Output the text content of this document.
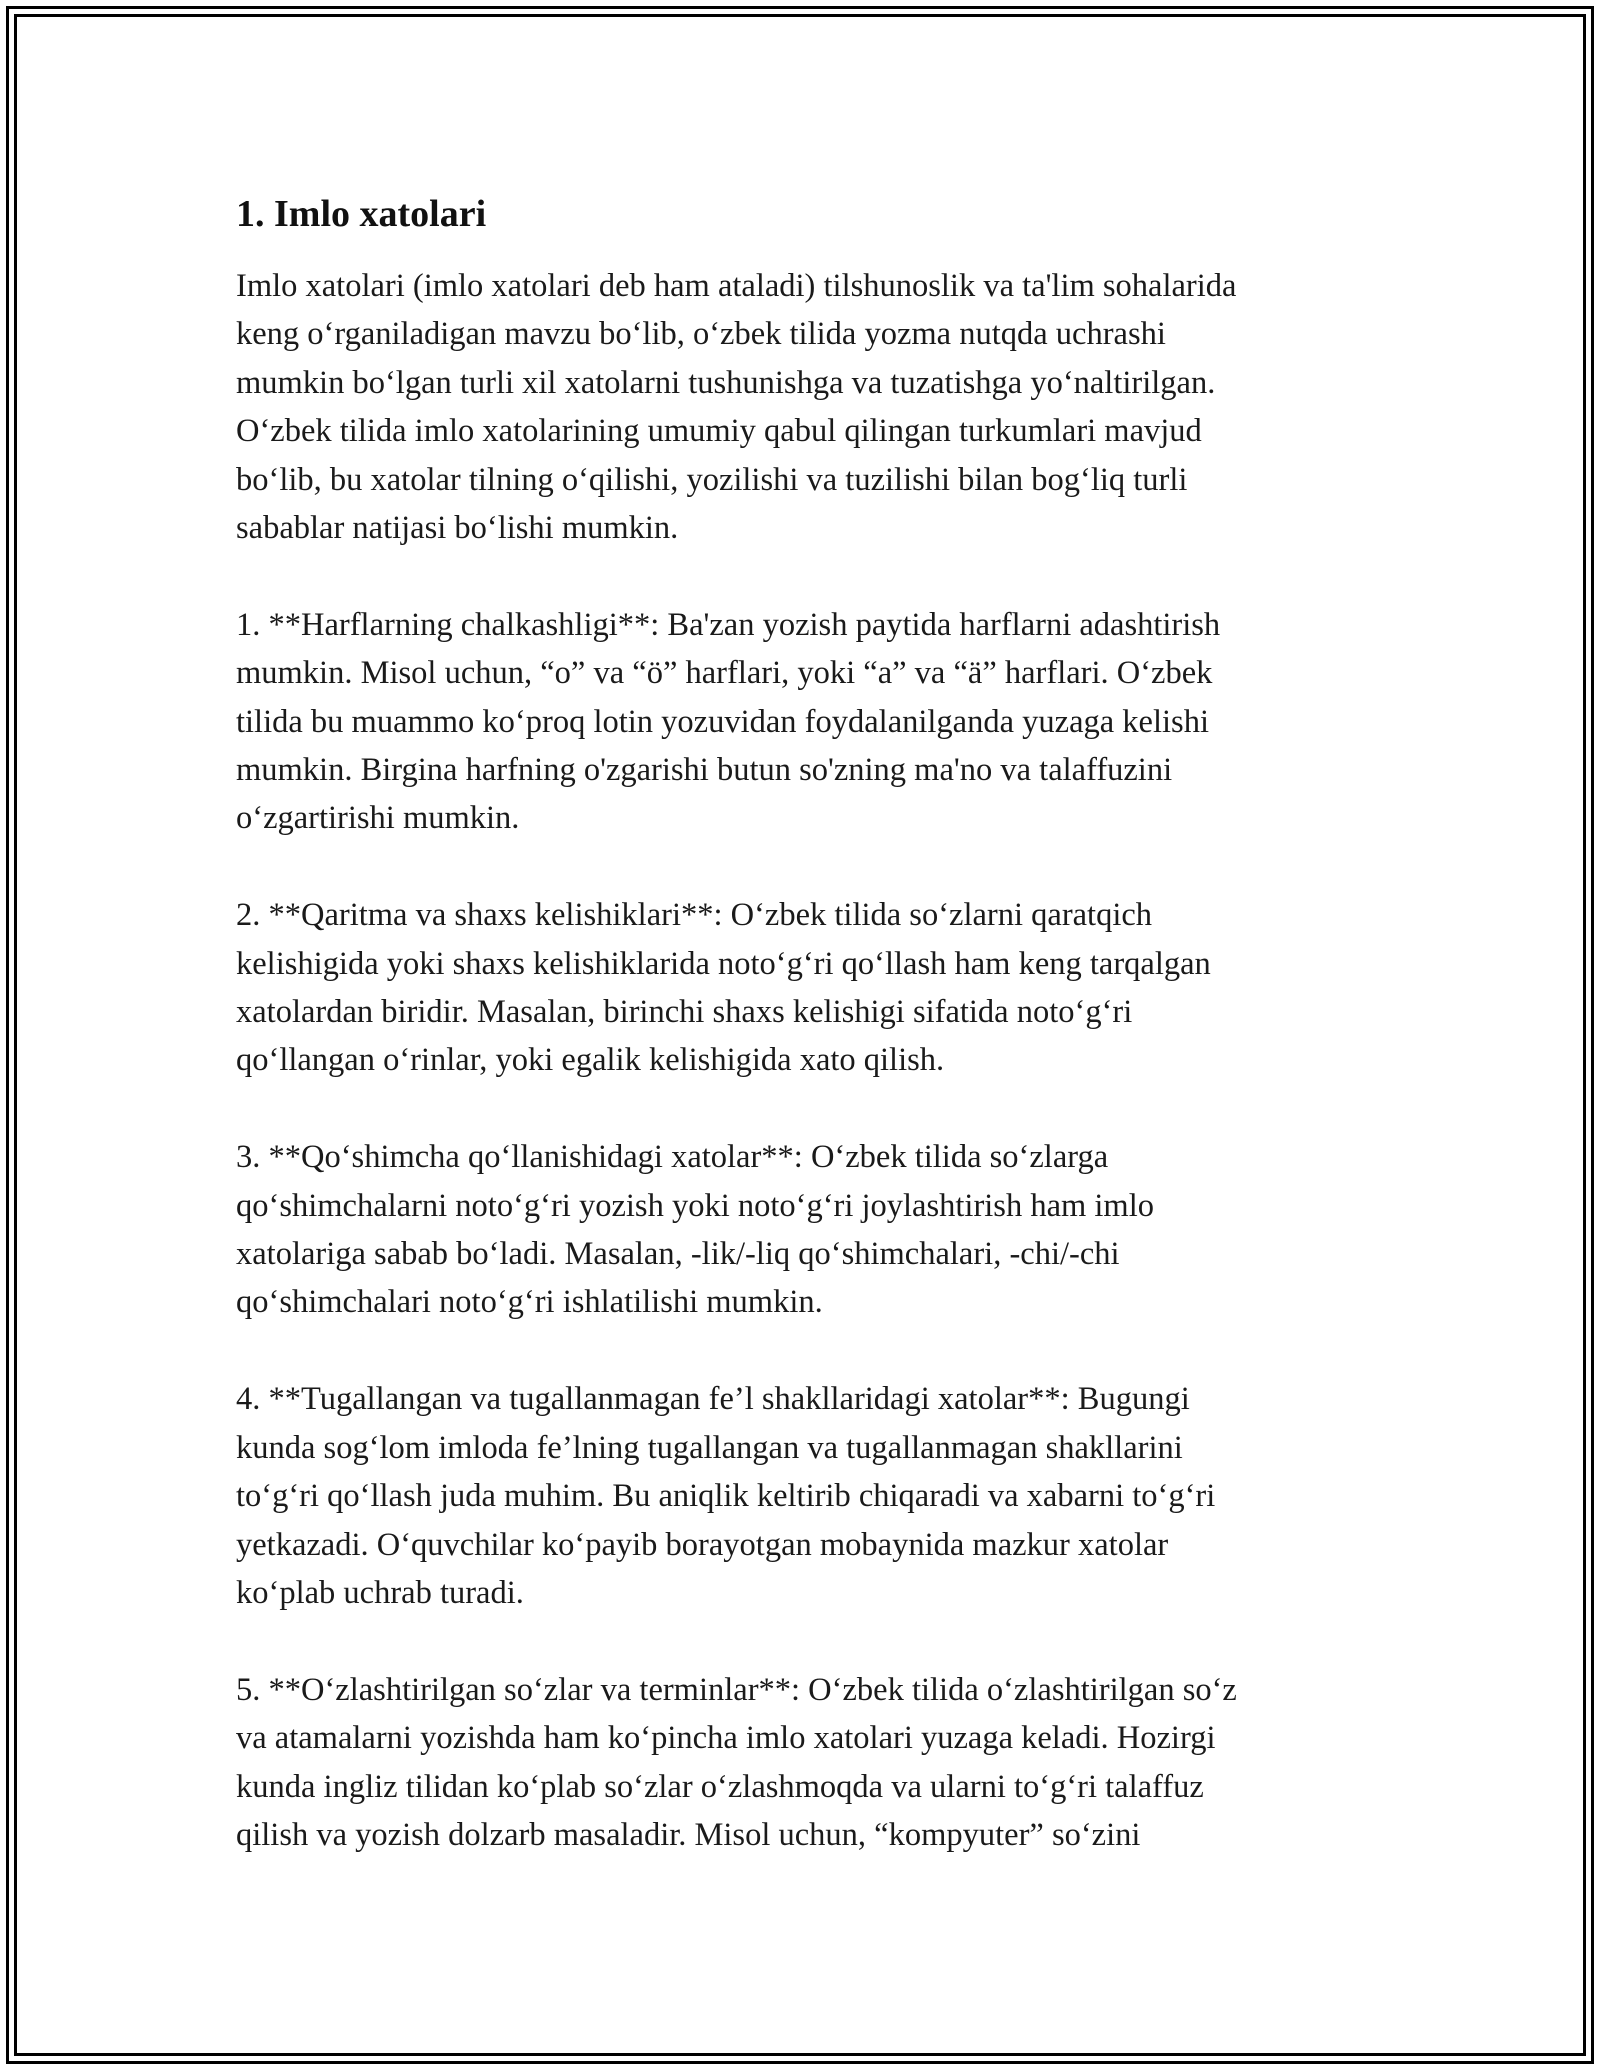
1. Imlo xatolari

Imlo xatolari (imlo xatolari deb ham ataladi) tilshunoslik va ta'lim sohalarida
keng o‘rganiladigan mavzu bo‘lib, o‘zbek tilida yozma nutqda uchrashi
mumkin bo‘lgan turli xil xatolarni tushunishga va tuzatishga yo‘naltirilgan.
O‘zbek tilida imlo xatolarining umumiy qabul qilingan turkumlari mavjud
bo‘lib, bu xatolar tilning o‘qilishi, yozilishi va tuzilishi bilan bog‘liq turli
sabablar natijasi bo‘lishi mumkin.

1. **Harflarning chalkashligi**: Ba'zan yozish paytida harflarni adashtirish
mumkin. Misol uchun, “o” va “ö” harflari, yoki “a” va “ä” harflari. O‘zbek
tilida bu muammo ko‘proq lotin yozuvidan foydalanilganda yuzaga kelishi
mumkin. Birgina harfning o'zgarishi butun so'zning ma'no va talaffuzini
o‘zgartirishi mumkin.

2. **Qaritma va shaxs kelishiklari**: O‘zbek tilida so‘zlarni qaratqich
kelishigida yoki shaxs kelishiklarida noto‘g‘ri qo‘llash ham keng tarqalgan
xatolardan biridir. Masalan, birinchi shaxs kelishigi sifatida noto‘g‘ri
qo‘llangan o‘rinlar, yoki egalik kelishigida xato qilish.

3. **Qo‘shimcha qo‘llanishidagi xatolar**: O‘zbek tilida so‘zlarga
qo‘shimchalarni noto‘g‘ri yozish yoki noto‘g‘ri joylashtirish ham imlo
xatolariga sabab bo‘ladi. Masalan, -lik/-liq qo‘shimchalari, -chi/-chi
qo‘shimchalari noto‘g‘ri ishlatilishi mumkin.

4. **Tugallangan va tugallanmagan fe’l shakllaridagi xatolar**: Bugungi
kunda sog‘lom imloda fe’lning tugallangan va tugallanmagan shakllarini
to‘g‘ri qo‘llash juda muhim. Bu aniqlik keltirib chiqaradi va xabarni to‘g‘ri
yetkazadi. O‘quvchilar ko‘payib borayotgan mobaynida mazkur xatolar
ko‘plab uchrab turadi.

5. **O‘zlashtirilgan so‘zlar va terminlar**: O‘zbek tilida o‘zlashtirilgan so‘z
va atamalarni yozishda ham ko‘pincha imlo xatolari yuzaga keladi. Hozirgi
kunda ingliz tilidan ko‘plab so‘zlar o‘zlashmoqda va ularni to‘g‘ri talaffuz
qilish va yozish dolzarb masaladir. Misol uchun, “kompyuter” so‘zini
